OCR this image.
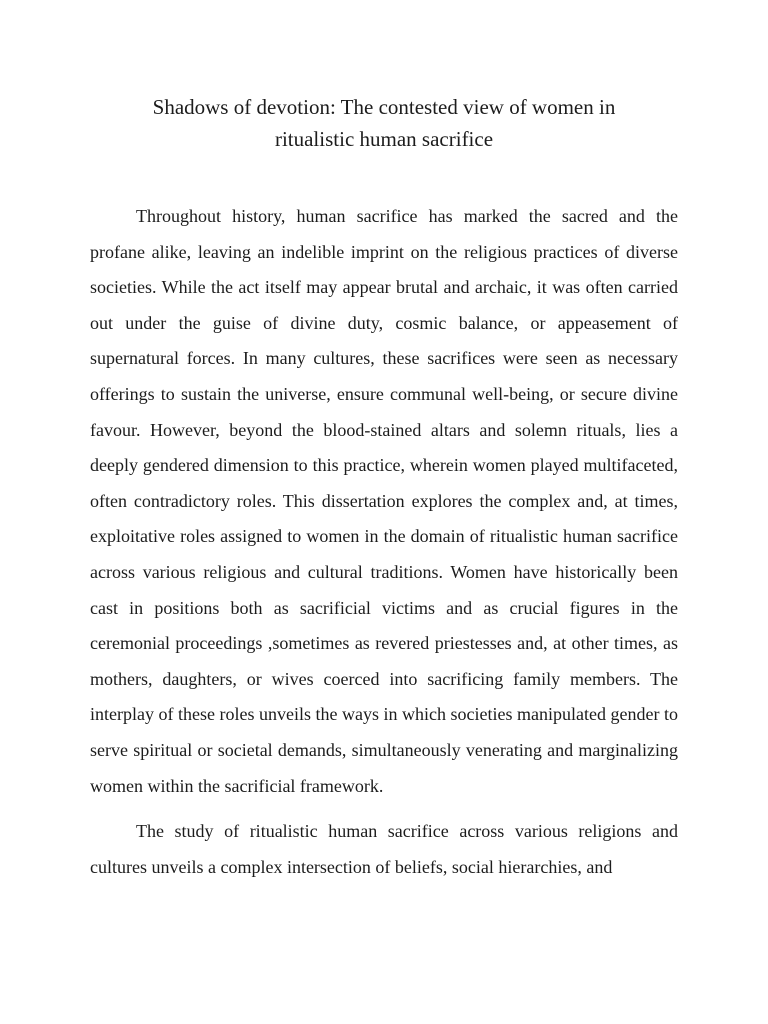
Shadows of devotion: The contested view of women in
ritualistic human sacrifice

Throughout history, human sacrifice has marked the sacred and the profane alike, leaving an indelible imprint on the religious practices of diverse societies. While the act itself may appear brutal and archaic, it was often carried out under the guise of divine duty, cosmic balance, or appeasement of supernatural forces. In many cultures, these sacrifices were seen as necessary offerings to sustain the universe, ensure communal well-being, or secure divine favour. However, beyond the blood-stained altars and solemn rituals, lies a deeply gendered dimension to this practice, wherein women played multifaceted, often contradictory roles. This dissertation explores the complex and, at times, exploitative roles assigned to women in the domain of ritualistic human sacrifice across various religious and cultural traditions. Women have historically been cast in positions both as sacrificial victims and as crucial figures in the ceremonial proceedings ,sometimes as revered priestesses and, at other times, as mothers, daughters, or wives coerced into sacrificing family members. The interplay of these roles unveils the ways in which societies manipulated gender to serve spiritual or societal demands, simultaneously venerating and marginalizing women within the sacrificial framework.

The study of ritualistic human sacrifice across various religions and cultures unveils a complex intersection of beliefs, social hierarchies, and
